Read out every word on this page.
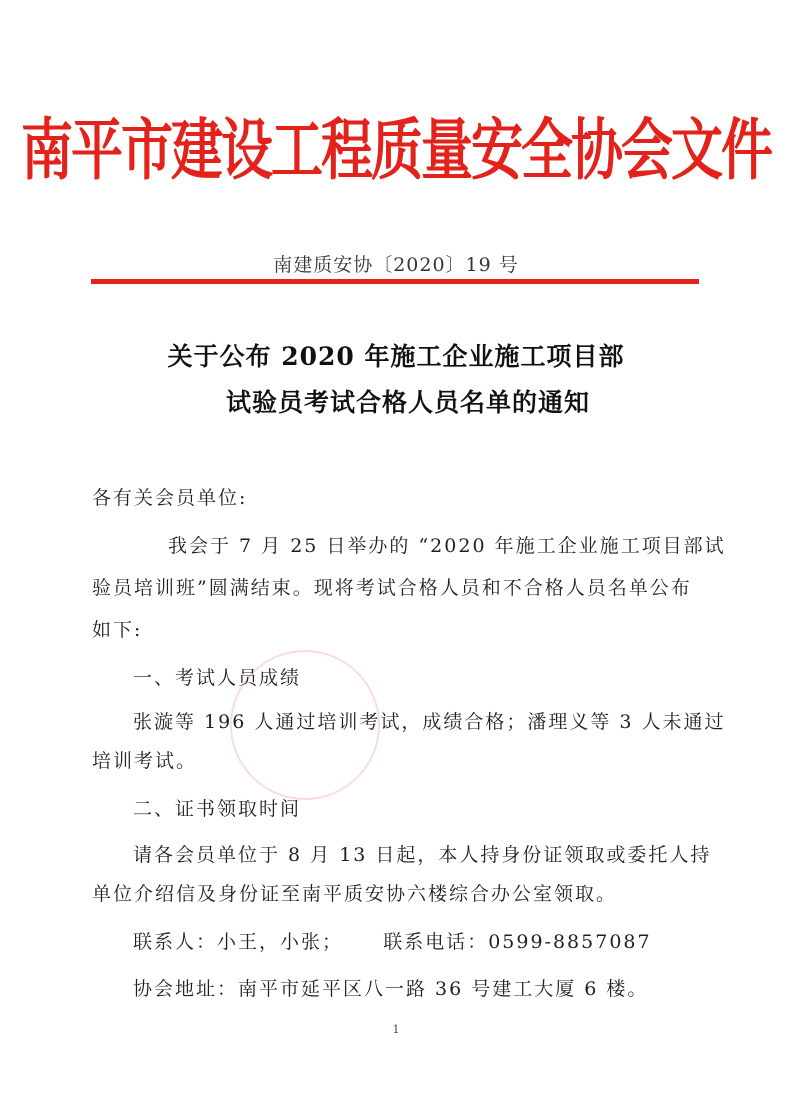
南平市建设工程质量安全协会文件
南建质安协〔2020〕19 号
关于公布 2020 年施工企业施工项目部
试验员考试合格人员名单的通知
各有关会员单位:
我会于 7 月 25 日举办的 “2020 年施工企业施工项目部试
验员培训班”圆满结束。现将考试合格人员和不合格人员名单公布
如下:
一、考试人员成绩
张漩等 196 人通过培训考试，成绩合格；潘理义等 3 人未通过
培训考试。
二、证书领取时间
请各会员单位于 8 月 13 日起，本人持身份证领取或委托人持
单位介绍信及身份证至南平质安协六楼综合办公室领取。
联系人：小王，小张；     联系电话：0599-8857087
协会地址：南平市延平区八一路 36 号建工大厦 6 楼。
1
